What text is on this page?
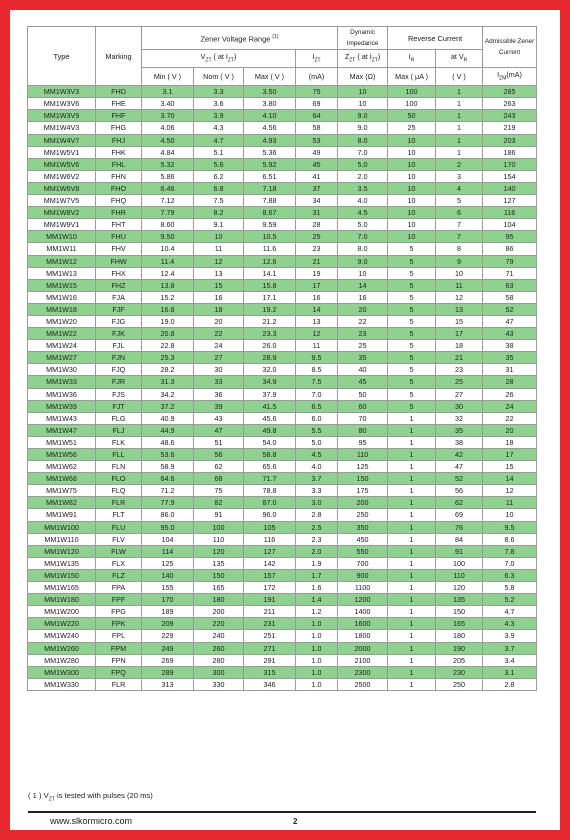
Type	Marking	Zener Voltage Range $^{(1)}$				Dynamic Impedance	Reverse Current		Admissible Zener Current
		$V_{ZT}$ ( at $I_{ZT}$)			$I_{ZT}$	$Z_{ZT}$ ( at $I_{ZT}$)	$I_R$	at $V_R$
		Min ( V )	Nom ( V )	Max ( V )	(mA)	Max (Ω)	Max ( μA )	( V )	$I_{ZM}(mA)$
MM1W3V3	FHD	3.1	3.3	3.50	75	10	100	1	285
MM1W3V6	FHE	3.40	3.6	3.80	69	10	100	1	263
MM1W3V9	FHF	3.70	3.9	4.10	64	9.0	50	1	243
MM1W4V3	FHG	4.06	4.3	4.56	58	9.0	25	1	219
MM1W4V7	FHJ	4.50	4.7	4.93	53	8.0	10	1	203
MM1W5V1	FHK	4.84	5.1	5.36	49	7.0	10	1	186
MM1W5V6	FHL	5.32	5.6	5.92	45	5.0	10	2	170
MM1W6V2	FHN	5.86	6.2	6.51	41	2.0	10	3	154
MM1W6V8	FHO	6.46	6.8	7.18	37	3.5	10	4	140
MM1W7V5	FHQ	7.12	7.5	7.88	34	4.0	10	5	127
MM1W8V2	FHR	7.79	8.2	8.67	31	4.5	10	6	116
MM1W9V1	FHT	8.60	9.1	9.59	28	5.0	10	7	104
MM1W10	FHU	9.50	10	10.5	25	7.0	10	7	95
MM1W11	FHV	10.4	11	11.6	23	8.0	5	8	86
MM1W12	FHW	11.4	12	12.6	21	9.0	5	9	79
MM1W13	FHX	12.4	13	14.1	19	10	5	10	71
MM1W15	FHZ	13.8	15	15.8	17	14	5	11	63
MM1W16	FJA	15.2	16	17.1	16	16	5	12	58
MM1W18	FJF	16.8	18	19.2	14	20	5	13	52
MM1W20	FJG	19.0	20	21.2	13	22	5	15	47
MM1W22	FJK	20.8	22	23.3	12	23	5	17	43
MM1W24	FJL	22.8	24	26.0	11	25	5	18	38
MM1W27	FJN	25.3	27	28.9	9.5	35	5	21	35
MM1W30	FJQ	28.2	30	32.0	8.5	40	5	23	31
MM1W33	FJR	31.3	33	34.9	7.5	45	5	25	28
MM1W36	FJS	34.2	36	37.9	7.0	50	5	27	26
MM1W39	FJT	37.2	39	41.5	6.5	60	5	30	24
MM1W43	FLG	40.9	43	45.6	6.0	70	1	32	22
MM1W47	FLJ	44.9	47	49.8	5.5	80	1	35	20
MM1W51	FLK	48.6	51	54.0	5.0	95	1	38	18
MM1W56	FLL	53.6	56	58.8	4.5	110	1	42	17
MM1W62	FLN	58.9	62	65.6	4.0	125	1	47	15
MM1W68	FLO	64.6	68	71.7	3.7	150	1	52	14
MM1W75	FLQ	71.2	75	78.8	3.3	175	1	56	12
MM1W82	FLR	77.9	82	87.0	3.0	200	1	62	11
MM1W91	FLT	86.0	91	96.0	2.8	250	1	69	10
MM1W100	FLU	95.0	100	105	2.5	350	1	76	9.5
MM1W110	FLV	104	110	116	2.3	450	1	84	8.6
MM1W120	FLW	114	120	127	2.0	550	1	91	7.8
MM1W135	FLX	125	135	142	1.9	700	1	100	7.0
MM1W150	FLZ	140	150	157	1.7	900	1	110	6.3
MM1W165	FPA	155	165	172	1.6	1100	1	120	5.8
MM1W180	FPF	170	180	191	1.4	1200	1	135	5.2
MM1W200	FPG	189	200	211	1.2	1400	1	150	4.7
MM1W220	FPK	209	220	231	1.0	1600	1	165	4.3
MM1W240	FPL	229	240	251	1.0	1800	1	180	3.9
MM1W260	FPM	249	260	271	1.0	2000	1	190	3.7
MM1W280	FPN	269	280	291	1.0	2100	1	205	3.4
MM1W300	FPQ	289	300	315	1.0	2300	1	230	3.1
MM1W330	FLR	313	330	346	1.0	2500	1	250	2.8
( 1 ) $V_{ZT}$ is tested with pulses (20 ms)
www.slkormicro.com	2
